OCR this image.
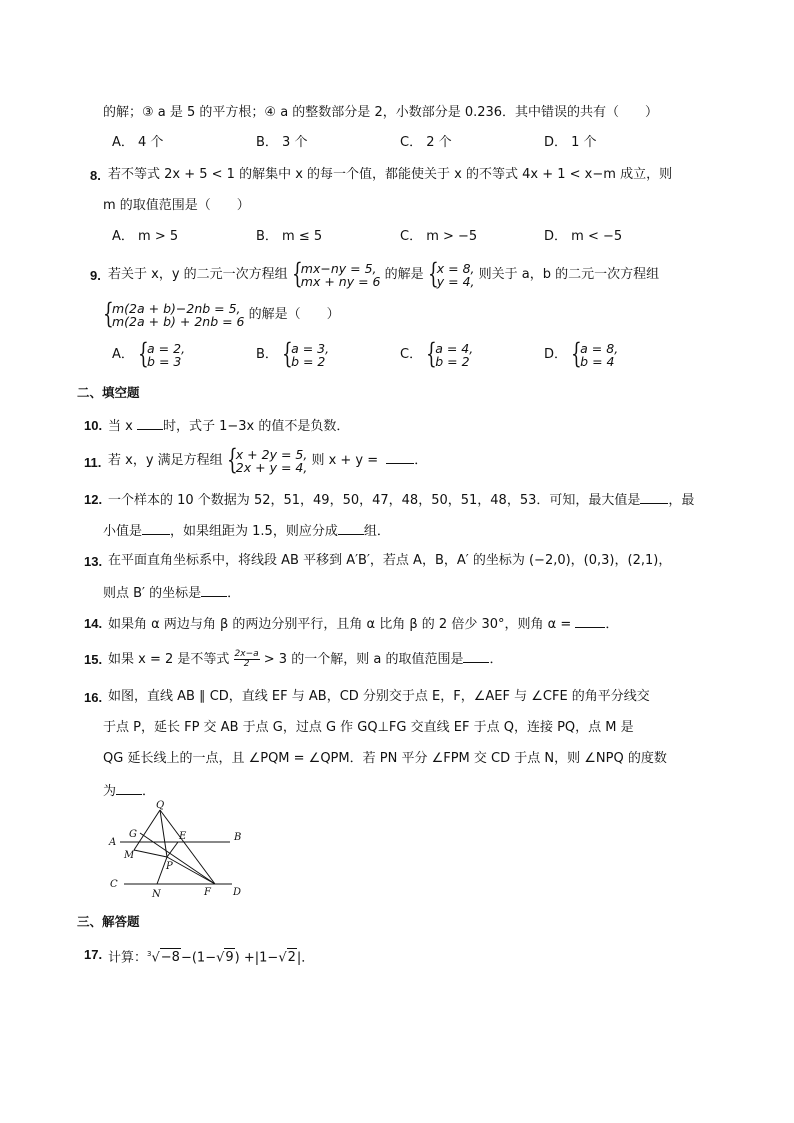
的解；③ a 是 5 的平方根；④ a 的整数部分是 2，小数部分是 0.236．其中错误的共有（　　）
A． 4 个	B． 3 个	C． 2 个	D． 1 个
8. 若不等式 2x + 5 < 1 的解集中 x 的每一个值，都能使关于 x 的不等式 4x + 1 < x−m 成立，则
m 的取值范围是（　　）
A． m > 5	B． m ≤ 5	C． m > −5	D． m < −5
9. 若关于 x，y 的二元一次方程组 {
mx−ny = 5,
mx + ny = 6 的解是 {
x = 8,
y = 4, 则关于 a，b 的二元一次方程组
{
m(2a + b)−2nb = 5,
m(2a + b) + 2nb = 6 的解是（　　）
A． {
a = 2,
b = 3	B． {
a = 3,
b = 2	C． {
a = 4,
b = 2	D． {
a = 8,
b = 4
二、填空题
10. 当 x 时，式子 1−3x 的值不是负数．
11. 若 x，y 满足方程组 {
x + 2y = 5,
2x + y = 4, 则 x + y = ．
12. 一个样本的 10 个数据为 52，51，49，50，47，48，50，51，48，53．可知，最大值是 ，最
小值是 ，如果组距为 1.5，则应分成 组．
13. 在平面直角坐标系中，将线段 AB 平移到 A′B′，若点 A，B，A′ 的坐标为 (−2,0)，(0,3)，(2,1)，
则点 B′ 的坐标是 ．
14. 如果角 α 两边与角 β 的两边分别平行，且角 α 比角 β 的 2 倍少 30°，则角 α = ．
15. 如果 x = 2 是不等式 $\frac{2x-a}{2} > 3$ 的一个解，则 a 的取值范围是 ．
16. 如图，直线 AB ∥ CD，直线 EF 与 AB，CD 分别交于点 E，F，∠AEF 与 ∠CFE 的角平分线交
于点 P，延长 FP 交 AB 于点 G，过点 G 作 GQ⊥FG 交直线 EF 于点 Q，连接 PQ，点 M 是
QG 延长线上的一点，且 ∠PQM = ∠QPM．若 PN 平分 ∠FPM 交 CD 于点 N，则 ∠NPQ 的度数
为 ．
Q
A
G	E	B
M
P
C
N	F D
三、解答题
17. 计算：$^3$√−8−(1−√9) +|1−√2|．
